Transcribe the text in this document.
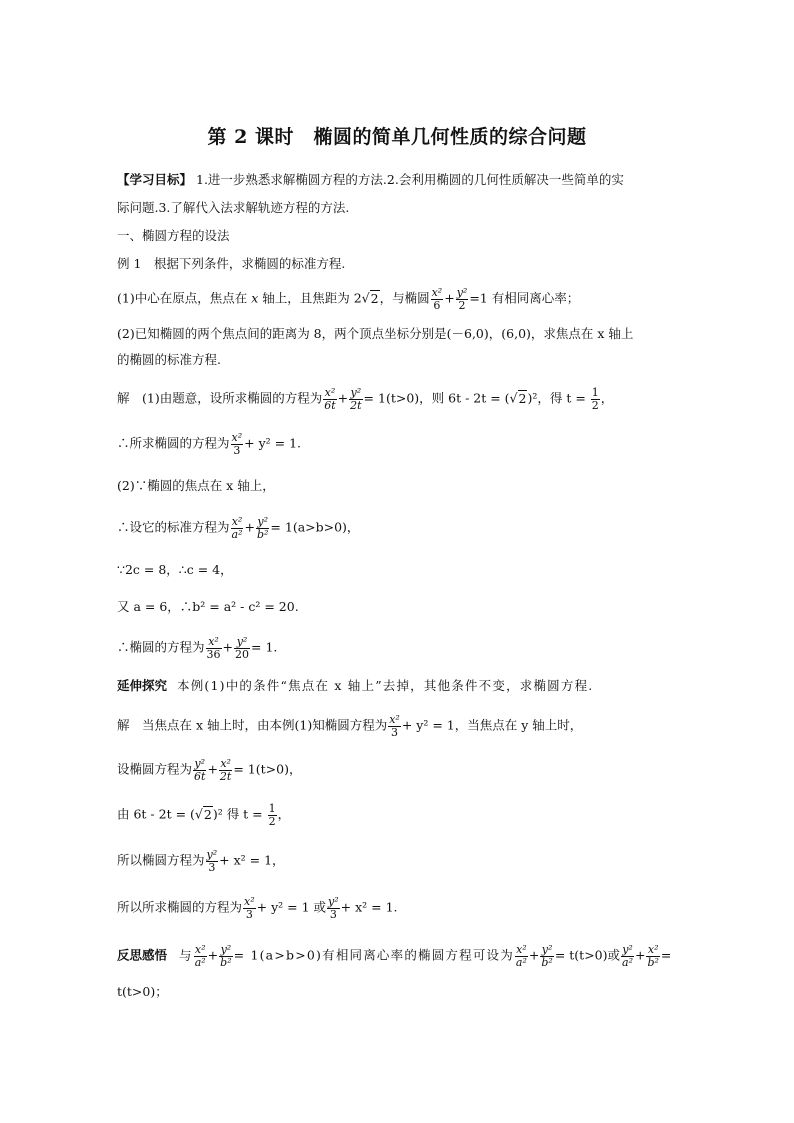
第 2 课时　椭圆的简单几何性质的综合问题
【学习目标】 1.进一步熟悉求解椭圆方程的方法.2.会利用椭圆的几何性质解决一些简单的实
际问题.3.了解代入法求解轨迹方程的方法.
一、椭圆方程的设法
例 1　根据下列条件，求椭圆的标准方程.
(1)中心在原点，焦点在 x 轴上，且焦距为 2√2，与椭圆 $\frac{\text{x²}}{6} + \frac{\text{y²}}{2} =1$ 有相同离心率；
(2)已知椭圆的两个焦点间的距离为 8，两个顶点坐标分别是(－6,0)，(6,0)，求焦点在 x 轴上
的椭圆的标准方程.
解　(1)由题意，设所求椭圆的方程为 $\frac{\text{x²}}{6t} + \frac{\text{y²}}{2t} = 1(t>0)$，则 6t - 2t = (√2)²，得 $t = \frac{1}{2}$ ，
∴所求椭圆的方程为 $\frac{\text{x²}}{3} + y^2 = 1$.
(2)∵椭圆的焦点在 x 轴上，
∴设它的标准方程为 $\frac{\text{x²}}{\text{a²}} + \frac{\text{y²}}{\text{b²}} = 1(a>b>0)$，
∵2c = 8，∴c = 4，
又 a = 6，∴b² = a² - c² = 20.
∴椭圆的方程为 $\frac{\text{x²}}{36} + \frac{\text{y²}}{20} = 1$.
延伸探究 本例(1)中的条件“焦点在 x 轴上”去掉，其他条件不变，求椭圆方程.
解　当焦点在 x 轴上时，由本例(1)知椭圆方程为 $\frac{\text{x²}}{3} + y^2 = 1$，当焦点在 y 轴上时，
设椭圆方程为 $\frac{\text{y²}}{6t} + \frac{\text{x²}}{2t} = 1(t>0)$，
由 6t - 2t = (√2)² 得 $t = \frac{1}{2}$ ，
所以椭圆方程为 $\frac{\text{y²}}{3} + x^2 = 1$，
所以所求椭圆的方程为 $\frac{\text{x²}}{3} + y^2 = 1$ 或 $\frac{\text{y²}}{3} + x^2 = 1$.
反思感悟 与 $\frac{\text{x²}}{\text{a²}} + \frac{\text{y²}}{\text{b²}} = 1(a>b>0)$有相同离心率的椭圆方程可设为 $\frac{\text{x²}}{\text{a²}} + \frac{\text{y²}}{\text{b²}} = t(t>0)$或 $\frac{\text{y²}}{\text{a²}} + \frac{\text{x²}}{\text{b²}}$ =
t(t>0)；
